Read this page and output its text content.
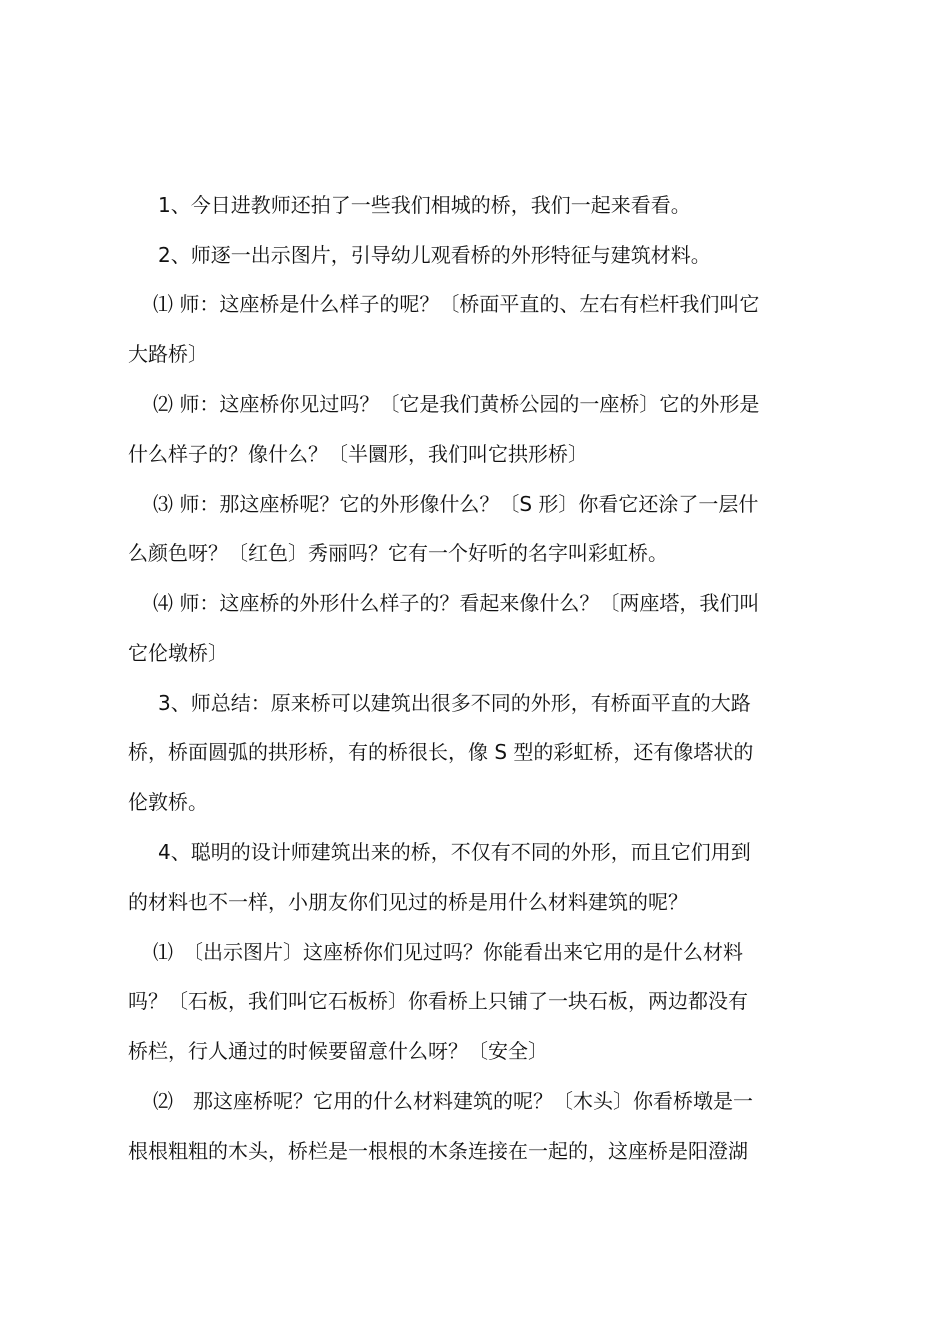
1、今日进教师还拍了一些我们相城的桥，我们一起来看看。
2、师逐一出示图片，引导幼儿观看桥的外形特征与建筑材料。
⑴ 师：这座桥是什么样子的呢？〔桥面平直的、左右有栏杆我们叫它
大路桥〕
⑵ 师：这座桥你见过吗？〔它是我们黄桥公园的一座桥〕它的外形是
什么样子的？像什么？〔半圜形，我们叫它拱形桥〕
⑶ 师：那这座桥呢？它的外形像什么？〔S 形〕你看它还涂了一层什
么颜色呀？〔红色〕秀丽吗？它有一个好听的名字叫彩虹桥。
⑷ 师：这座桥的外形什么样子的？看起来像什么？〔两座塔，我们叫
它伦墩桥〕
3、师总结：原来桥可以建筑出很多不同的外形，有桥面平直的大路
桥，桥面圆弧的拱形桥，有的桥很长，像 S 型的彩虹桥，还有像塔状的
伦敦桥。
4、聪明的设计师建筑出来的桥，不仅有不同的外形，而且它们用到
的材料也不一样，小朋友你们见过的桥是用什么材料建筑的呢？
⑴　〔出示图片〕这座桥你们见过吗？你能看出来它用的是什么材料
吗？〔石板，我们叫它石板桥〕你看桥上只铺了一块石板，两边都没有
桥栏，行人通过的时候要留意什么呀？〔安全〕
⑵　那这座桥呢？它用的什么材料建筑的呢？〔木头〕你看桥墩是一
根根粗粗的木头，桥栏是一根根的木条连接在一起的，这座桥是阳澄湖
